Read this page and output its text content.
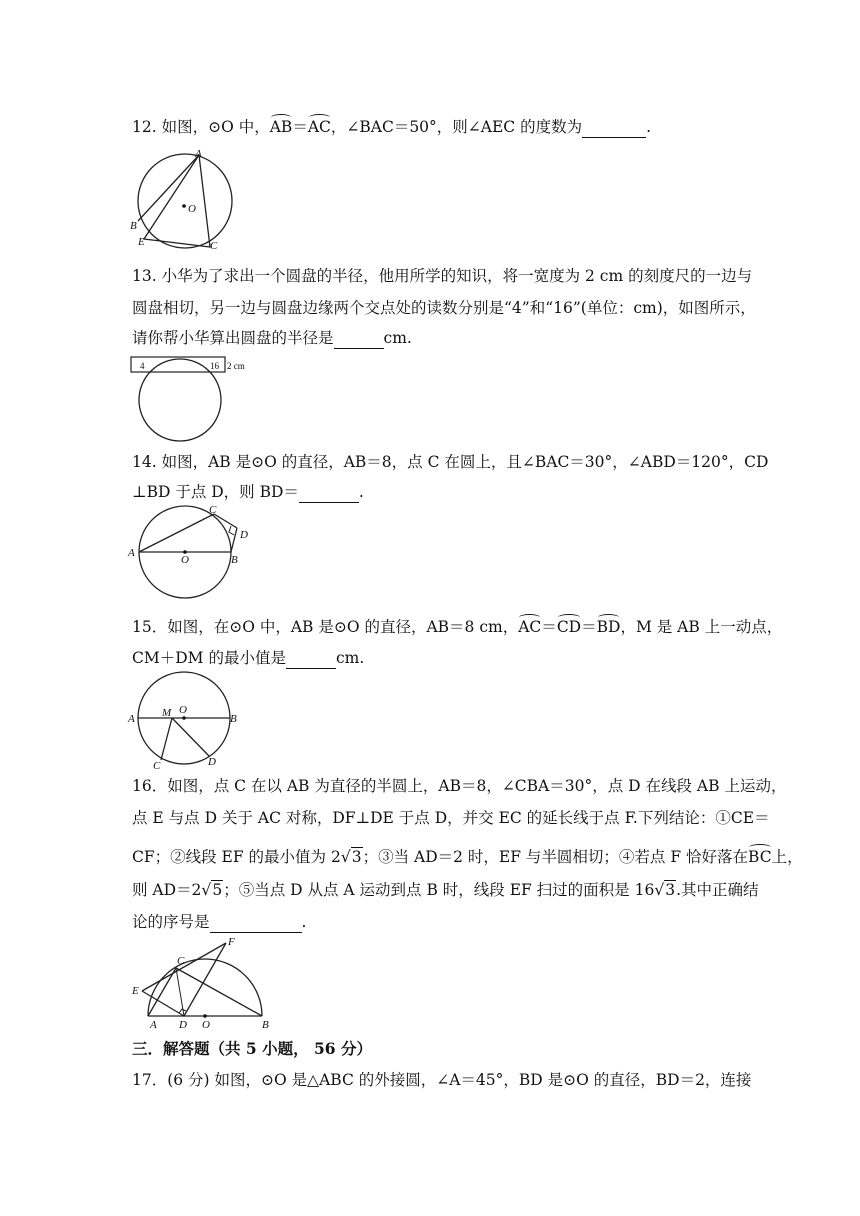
12. 如图，⊙O 中，AB＝AC，∠BAC＝50°，则∠AEC 的度数为	.
A
O
B
E	C
13. 小华为了求出一个圆盘的半径，他用所学的知识，将一宽度为 2 cm 的刻度尺的一边与
圆盘相切，另一边与圆盘边缘两个交点处的读数分别是“4”和“16”(单位：cm)，如图所示，
请你帮小华算出圆盘的半径是	cm.
4	16 2 cm
14. 如图，AB 是⊙O 的直径，AB＝8，点 C 在圆上，且∠BAC＝30°，∠ABD＝120°，CD
⊥BD 于点 D，则 BD＝	.
A
O	B
C
D
15．如图，在⊙O 中，AB 是⊙O 的直径，AB＝8 cm，AC＝CD＝BD，M 是 AB 上一动点，
CM＋DM 的最小值是	cm.
A	B
M O
C	D
16．如图，点 C 在以 AB 为直径的半圆上，AB＝8，∠CBA＝30°，点 D 在线段 AB 上运动，
点 E 与点 D 关于 AC 对称，DF⊥DE 于点 D，并交 EC 的延长线于点 F.下列结论：①CE＝
CF；②线段 EF 的最小值为 2√3；③当 AD＝2 时，EF 与半圆相切；④若点 F 恰好落在BC上，
则 AD＝2√5；⑤当点 D 从点 A 运动到点 B 时，线段 EF 扫过的面积是 16√3.其中正确结
论的序号是	.
E
F
C
A D O	B
三．解答题（共 5 小题， 56 分）
17．(6 分) 如图，⊙O 是△ABC 的外接圆，∠A＝45°，BD 是⊙O 的直径，BD＝2，连接
